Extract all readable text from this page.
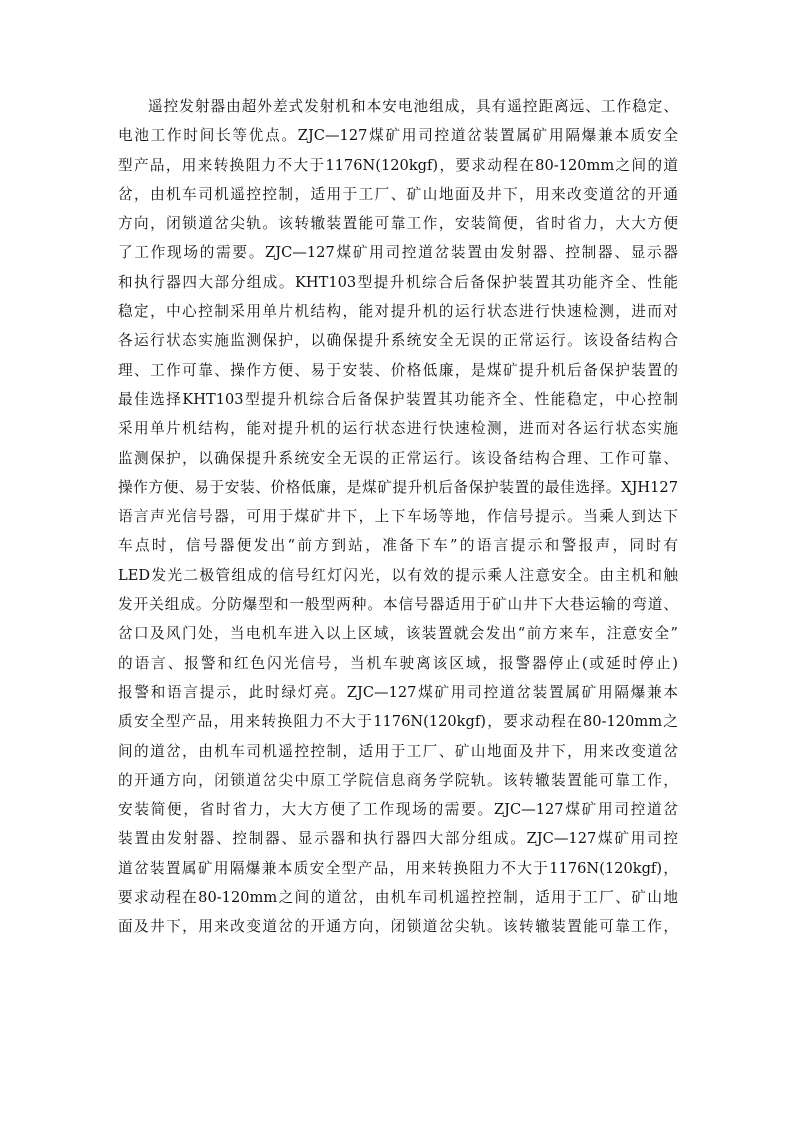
遥控发射器由超外差式发射机和本安电池组成，具有遥控距离远、工作稳定、
电池工作时间长等优点。ZJC—127煤矿用司控道岔装置属矿用隔爆兼本质安全
型产品，用来转换阻力不大于1176N(120kgf)，要求动程在80-120mm之间的道
岔，由机车司机遥控控制，适用于工厂、矿山地面及井下，用来改变道岔的开通
方向，闭锁道岔尖轨。该转辙装置能可靠工作，安装简便，省时省力，大大方便
了工作现场的需要。ZJC—127煤矿用司控道岔装置由发射器、控制器、显示器
和执行器四大部分组成。KHT103型提升机综合后备保护装置其功能齐全、性能
稳定，中心控制采用单片机结构，能对提升机的运行状态进行快速检测，进而对
各运行状态实施监测保护，以确保提升系统安全无误的正常运行。该设备结构合
理、工作可靠、操作方便、易于安装、价格低廉，是煤矿提升机后备保护装置的
最佳选择KHT103型提升机综合后备保护装置其功能齐全、性能稳定，中心控制
采用单片机结构，能对提升机的运行状态进行快速检测，进而对各运行状态实施
监测保护，以确保提升系统安全无误的正常运行。该设备结构合理、工作可靠、
操作方便、易于安装、价格低廉，是煤矿提升机后备保护装置的最佳选择。XJH127
语言声光信号器，可用于煤矿井下，上下车场等地，作信号提示。当乘人到达下
车点时，信号器便发出“前方到站，准备下车”的语言提示和警报声，同时有
LED发光二极管组成的信号红灯闪光，以有效的提示乘人注意安全。由主机和触
发开关组成。分防爆型和一般型两种。本信号器适用于矿山井下大巷运输的弯道、
岔口及风门处，当电机车进入以上区域，该装置就会发出“前方来车，注意安全”
的语言、报警和红色闪光信号，当机车驶离该区域，报警器停止(或延时停止)
报警和语言提示，此时绿灯亮。ZJC—127煤矿用司控道岔装置属矿用隔爆兼本
质安全型产品，用来转换阻力不大于1176N(120kgf)，要求动程在80-120mm之
间的道岔，由机车司机遥控控制，适用于工厂、矿山地面及井下，用来改变道岔
的开通方向，闭锁道岔尖中原工学院信息商务学院轨。该转辙装置能可靠工作，
安装简便，省时省力，大大方便了工作现场的需要。ZJC—127煤矿用司控道岔
装置由发射器、控制器、显示器和执行器四大部分组成。ZJC—127煤矿用司控
道岔装置属矿用隔爆兼本质安全型产品，用来转换阻力不大于1176N(120kgf)，
要求动程在80-120mm之间的道岔，由机车司机遥控控制，适用于工厂、矿山地
面及井下，用来改变道岔的开通方向，闭锁道岔尖轨。该转辙装置能可靠工作，
